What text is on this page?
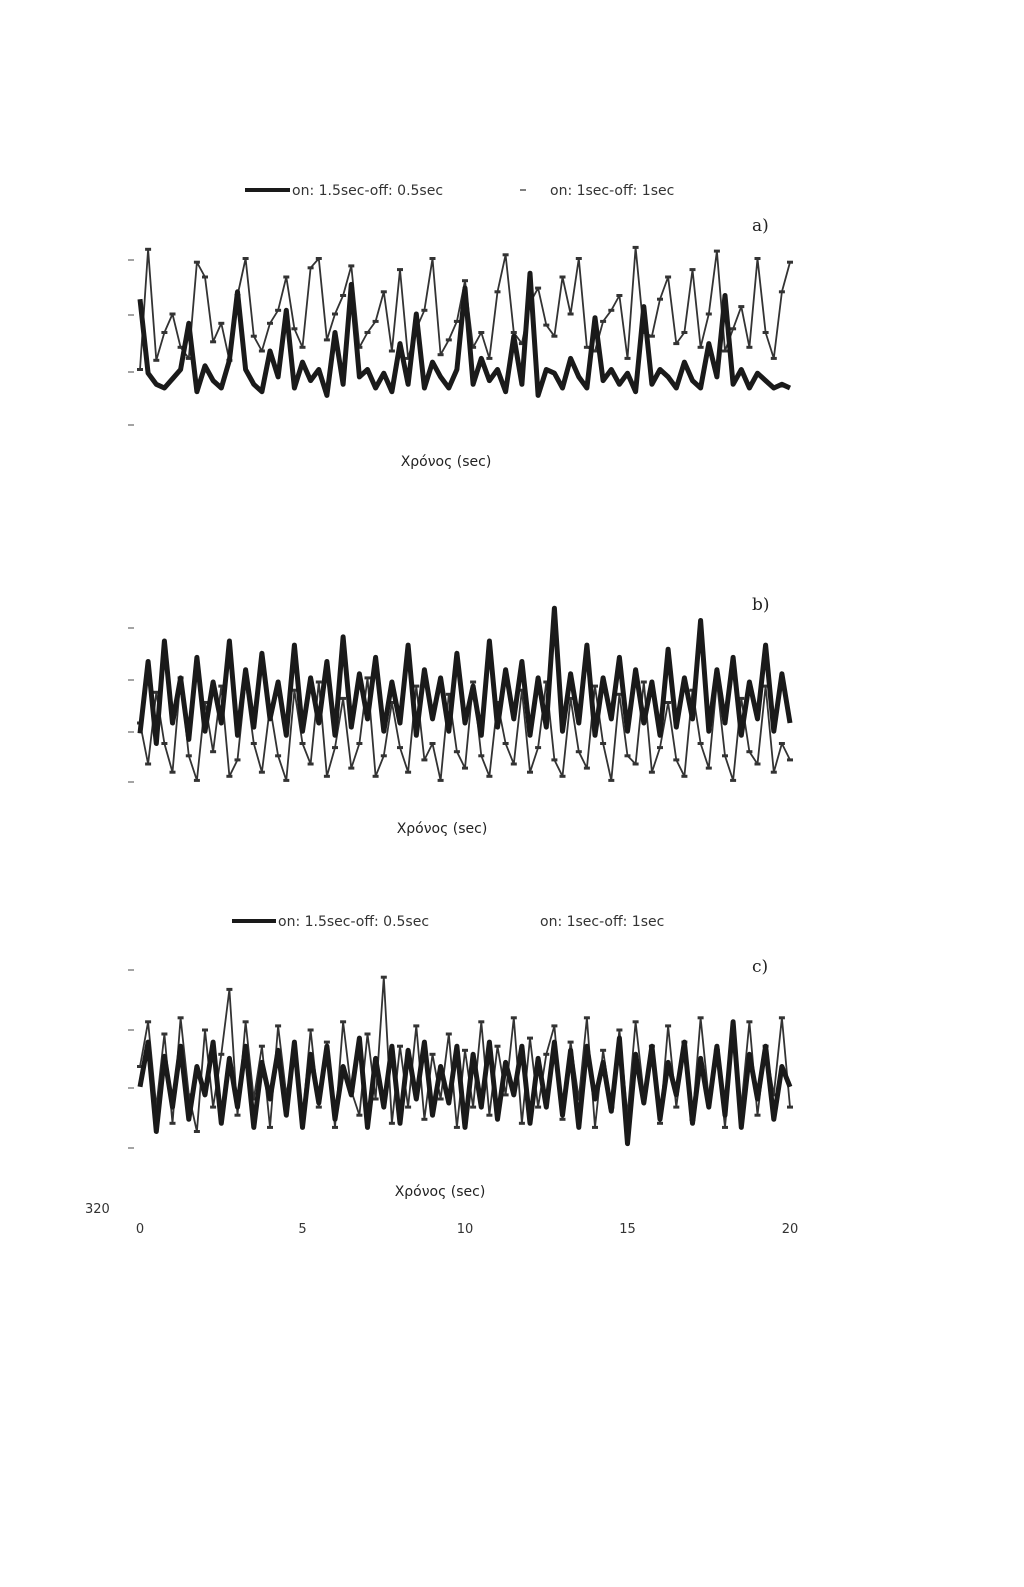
on: 1.5sec-off: 0.5sec	on: 1sec-off: 1sec
a)
Χρόνος (sec)
b)
Χρόνος (sec)
on: 1.5sec-off: 0.5sec	on: 1sec-off: 1sec
c)
Χρόνος (sec)
320
0	5	10	15	20
